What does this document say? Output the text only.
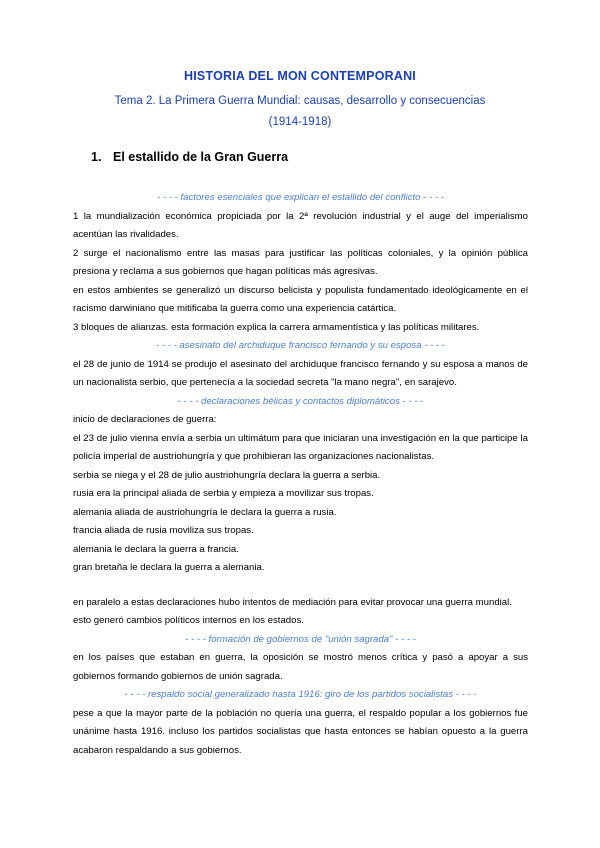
HISTORIA DEL MON CONTEMPORANI
Tema 2. La Primera Guerra Mundial: causas, desarrollo y consecuencias
(1914-1918)
1. El estallido de la Gran Guerra

- - - - factores esenciales que explican el estallido del conflicto - - - -

1 la mundialización económica propiciada por la 2ª revolución industrial y el auge del imperialismo acentúan las rivalidades.

2 surge el nacionalismo entre las masas para justificar las políticas coloniales, y la opinión pública presiona y reclama a sus gobiernos que hagan políticas más agresivas.

en estos ambientes se generalizó un discurso belicista y populista fundamentado ideológicamente en el racismo darwiniano que mitificaba la guerra como una experiencia catártica.

3 bloques de alianzas. esta formación explica la carrera armamentística y las políticas militares.

- - - - asesinato del archiduque francisco fernando y su esposa - - - -

el 28 de junio de 1914 se produjo el asesinato del archiduque francisco fernando y su esposa a manos de un nacionalista serbio, que pertenecía a la sociedad secreta "la mano negra", en sarajevo.

- - - - declaraciones bélicas y contactos diplomáticos - - - -

inicio de declaraciones de guerra:

el 23 de julio vienna envía a serbia un ultimátum para que iniciaran una investigación en la que participe la policía imperial de austriohungría y que prohibieran las organizaciones nacionalistas.

serbia se niega y el 28 de julio austriohungría declara la guerra a serbia.

rusia era la principal aliada de serbia y empieza a movilizar sus tropas.

alemania aliada de austriohungría le declara la guerra a rusia.

francia aliada de rusia moviliza sus tropas.

alemania le declara la guerra a francia.

gran bretaña le declara la guerra a alemania.

en paralelo a estas declaraciones hubo intentos de mediación para evitar provocar una guerra mundial.

esto generó cambios políticos internos en los estados.

- - - - formación de gobiernos de "unión sagrada" - - - -

en los países que estaban en guerra, la oposición se mostró menos crítica y pasó a apoyar a sus gobiernos formando gobiernos de unión sagrada.

- - - - respaldo social generalizado hasta 1916: giro de los partidos socialistas - - - -

pese a que la mayor parte de la población no quería una guerra, el respaldo popular a los gobiernos fue unánime hasta 1916. incluso los partidos socialistas que hasta entonces se habían opuesto a la guerra acabaron respaldando a sus gobiernos.
